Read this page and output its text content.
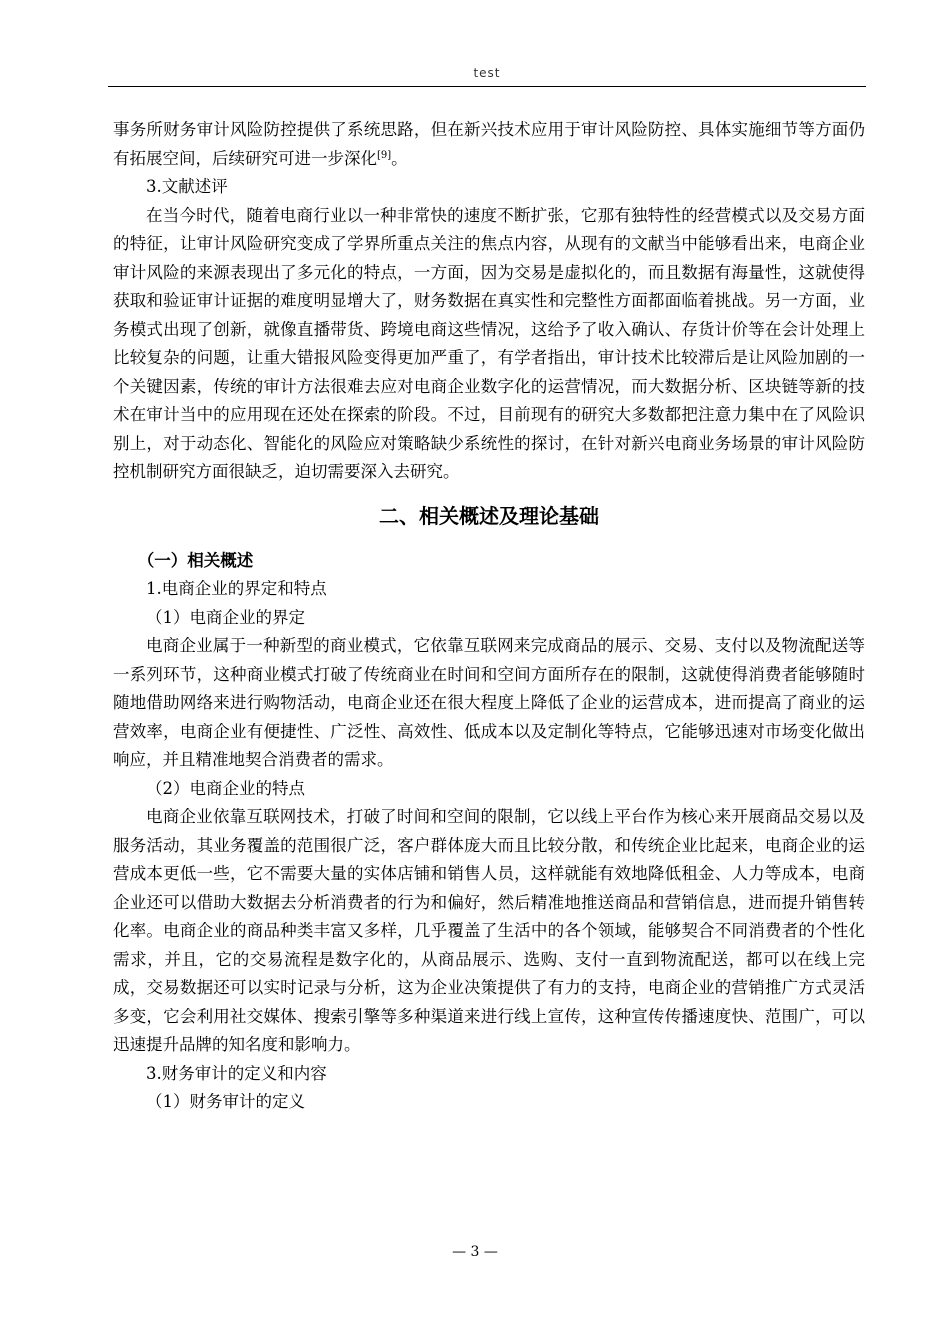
test

事务所财务审计风险防控提供了系统思路，但在新兴技术应用于审计风险防控、具体实施细节等方面仍有拓展空间，后续研究可进一步深化[9]。

3.文献述评

在当今时代，随着电商行业以一种非常快的速度不断扩张，它那有独特性的经营模式以及交易方面的特征，让审计风险研究变成了学界所重点关注的焦点内容，从现有的文献当中能够看出来，电商企业审计风险的来源表现出了多元化的特点，一方面，因为交易是虚拟化的，而且数据有海量性，这就使得获取和验证审计证据的难度明显增大了，财务数据在真实性和完整性方面都面临着挑战。另一方面，业务模式出现了创新，就像直播带货、跨境电商这些情况，这给予了收入确认、存货计价等在会计处理上比较复杂的问题，让重大错报风险变得更加严重了，有学者指出，审计技术比较滞后是让风险加剧的一个关键因素，传统的审计方法很难去应对电商企业数字化的运营情况，而大数据分析、区块链等新的技术在审计当中的应用现在还处在探索的阶段。不过，目前现有的研究大多数都把注意力集中在了风险识别上，对于动态化、智能化的风险应对策略缺少系统性的探讨，在针对新兴电商业务场景的审计风险防控机制研究方面很缺乏，迫切需要深入去研究。

二、相关概述及理论基础

（一）相关概述

1.电商企业的界定和特点

（1）电商企业的界定

电商企业属于一种新型的商业模式，它依靠互联网来完成商品的展示、交易、支付以及物流配送等一系列环节，这种商业模式打破了传统商业在时间和空间方面所存在的限制，这就使得消费者能够随时随地借助网络来进行购物活动，电商企业还在很大程度上降低了企业的运营成本，进而提高了商业的运营效率，电商企业有便捷性、广泛性、高效性、低成本以及定制化等特点，它能够迅速对市场变化做出响应，并且精准地契合消费者的需求。

（2）电商企业的特点

电商企业依靠互联网技术，打破了时间和空间的限制，它以线上平台作为核心来开展商品交易以及服务活动，其业务覆盖的范围很广泛，客户群体庞大而且比较分散，和传统企业比起来，电商企业的运营成本更低一些，它不需要大量的实体店铺和销售人员，这样就能有效地降低租金、人力等成本，电商企业还可以借助大数据去分析消费者的行为和偏好，然后精准地推送商品和营销信息，进而提升销售转化率。电商企业的商品种类丰富又多样，几乎覆盖了生活中的各个领域，能够契合不同消费者的个性化需求，并且，它的交易流程是数字化的，从商品展示、选购、支付一直到物流配送，都可以在线上完成，交易数据还可以实时记录与分析，这为企业决策提供了有力的支持，电商企业的营销推广方式灵活多变，它会利用社交媒体、搜索引擎等多种渠道来进行线上宣传，这种宣传传播速度快、范围广，可以迅速提升品牌的知名度和影响力。

3.财务审计的定义和内容

（1）财务审计的定义

— 3 —
